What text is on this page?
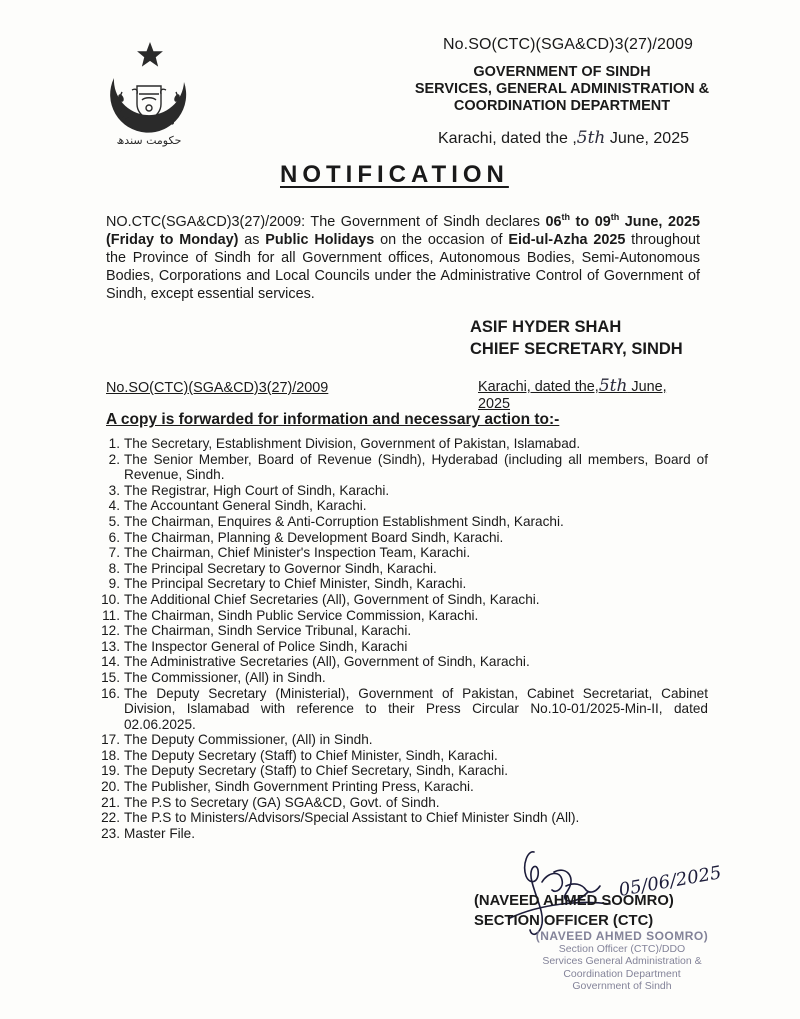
حکومت سندھ
No.SO(CTC)(SGA&CD)3(27)/2009
GOVERNMENT OF SINDH
SERVICES, GENERAL ADMINISTRATION &
COORDINATION DEPARTMENT
Karachi, dated the ,5th June, 2025
NOTIFICATION
NO.CTC(SGA&CD)3(27)/2009: The Government of Sindh declares 06th to 09th June, 2025 (Friday to Monday) as Public Holidays on the occasion of Eid-ul-Azha 2025 throughout the Province of Sindh for all Government offices, Autonomous Bodies, Semi-Autonomous Bodies, Corporations and Local Councils under the Administrative Control of Government of Sindh, except essential services.
ASIF HYDER SHAH
CHIEF SECRETARY, SINDH
No.SO(CTC)(SGA&CD)3(27)/2009	Karachi, dated the,5th June, 2025
A copy is forwarded for information and necessary action to:-
1. The Secretary, Establishment Division, Government of Pakistan, Islamabad.
2. The Senior Member, Board of Revenue (Sindh), Hyderabad (including all members, Board of Revenue, Sindh.
3. The Registrar, High Court of Sindh, Karachi.
4. The Accountant General Sindh, Karachi.
5. The Chairman, Enquires & Anti-Corruption Establishment Sindh, Karachi.
6. The Chairman, Planning & Development Board Sindh, Karachi.
7. The Chairman, Chief Minister's Inspection Team, Karachi.
8. The Principal Secretary to Governor Sindh, Karachi.
9. The Principal Secretary to Chief Minister, Sindh, Karachi.
10. The Additional Chief Secretaries (All), Government of Sindh, Karachi.
11. The Chairman, Sindh Public Service Commission, Karachi.
12. The Chairman, Sindh Service Tribunal, Karachi.
13. The Inspector General of Police Sindh, Karachi
14. The Administrative Secretaries (All), Government of Sindh, Karachi.
15. The Commissioner, (All) in Sindh.
16. The Deputy Secretary (Ministerial), Government of Pakistan, Cabinet Secretariat, Cabinet Division, Islamabad with reference to their Press Circular No.10-01/2025-Min-II, dated 02.06.2025.
17. The Deputy Commissioner, (All) in Sindh.
18. The Deputy Secretary (Staff) to Chief Minister, Sindh, Karachi.
19. The Deputy Secretary (Staff) to Chief Secretary, Sindh, Karachi.
20. The Publisher, Sindh Government Printing Press, Karachi.
21. The P.S to Secretary (GA) SGA&CD, Govt. of Sindh.
22. The P.S to Ministers/Advisors/Special Assistant to Chief Minister Sindh (All).
23. Master File.
05/06/2025
(NAVEED AHMED SOOMRO)
SECTION OFFICER (CTC)
(NAVEED AHMED SOOMRO)
Section Officer (CTC)/DDO
Services General Administration &
Coordination Department
Government of Sindh
